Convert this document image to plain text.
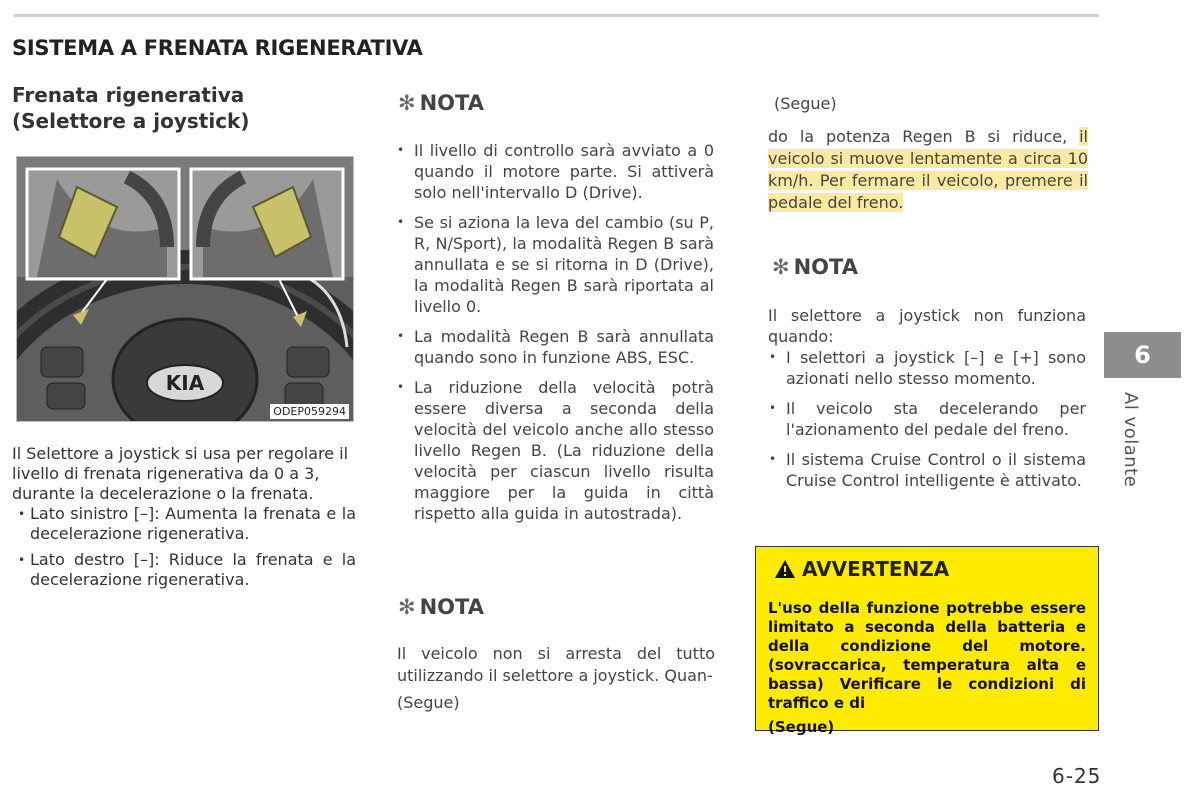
SISTEMA A FRENATA RIGENERATIVA
Frenata rigenerativa (Selettore a joystick)
KIA
ODEP059294

Il Selettore a joystick si usa per regolare il livello di frenata rigenerativa da 0 a 3, durante la decelerazione o la frenata.

• Lato sinistro [–]: Aumenta la frenata e la decelerazione rigenerativa.
• Lato destro [–]: Riduce la frenata e la decelerazione rigenerativa.
✻ NOTA
• Il livello di controllo sarà avviato a 0 quando il motore parte. Si attiverà solo nell'intervallo D (Drive).
• Se si aziona la leva del cambio (su P, R, N/Sport), la modalità Regen B sarà annullata e se si ritorna in D (Drive), la modalità Regen B sarà riportata al livello 0.
• La modalità Regen B sarà annullata quando sono in funzione ABS, ESC.
• La riduzione della velocità potrà essere diversa a seconda della velocità del veicolo anche allo stesso livello Regen B. (La riduzione della velocità per ciascun livello risulta maggiore per la guida in città rispetto alla guida in autostrada).
✻ NOTA

Il veicolo non si arresta del tutto utilizzando il selettore a joystick. Quan-

(Segue)

(Segue)

do la potenza Regen B si riduce, il veicolo si muove lentamente a circa 10 km/h. Per fermare il veicolo, premere il pedale del freno.

✻ NOTA

Il selettore a joystick non funziona quando:

• I selettori a joystick [–] e [+] sono azionati nello stesso momento.
• Il veicolo sta decelerando per l'azionamento del pedale del freno.
• Il sistema Cruise Control o il sistema Cruise Control intelligente è attivato.

AVVERTENZA

L'uso della funzione potrebbe essere limitato a seconda della batteria e della condizione del motore. (sovraccarica, temperatura alta e bassa) Verificare le condizioni di traffico e di

(Segue)

6
Al volante
6-25
